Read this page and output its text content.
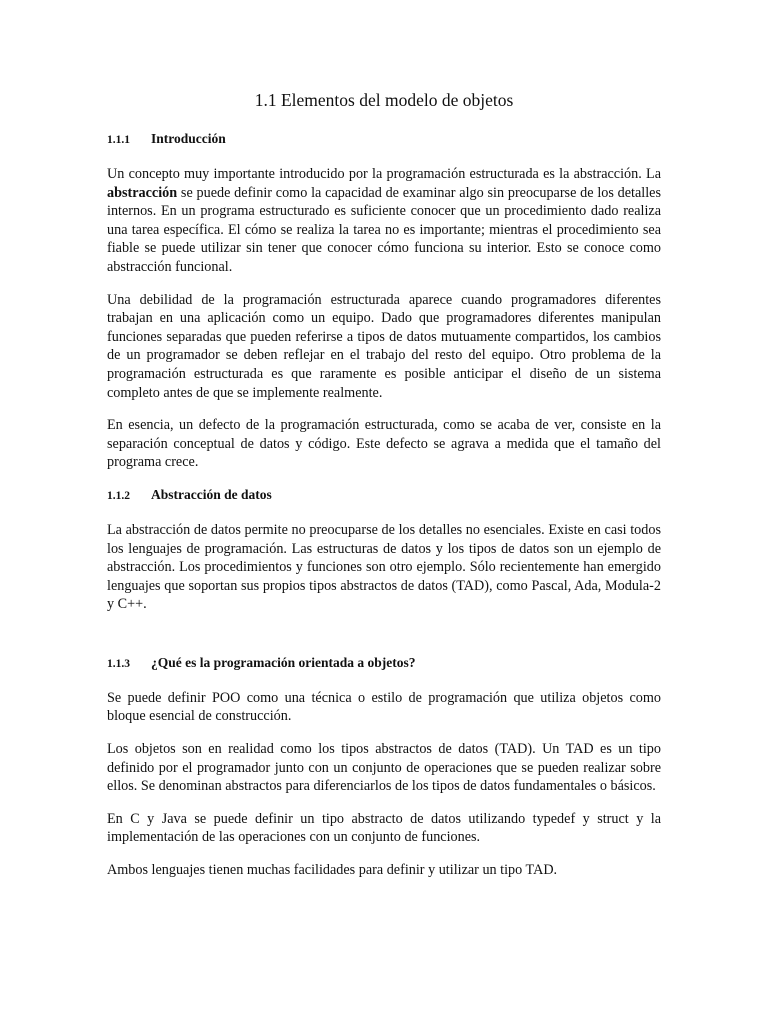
1.1 Elementos del modelo de objetos
1.1.1 Introducción

Un concepto muy importante introducido por la programación estructurada es la abstracción. La abstracción se puede definir como la capacidad de examinar algo sin preocuparse de los detalles internos. En un programa estructurado es suficiente conocer que un procedimiento dado realiza una tarea específica. El cómo se realiza la tarea no es importante; mientras el procedimiento sea fiable se puede utilizar sin tener que conocer cómo funciona su interior. Esto se conoce como abstracción funcional.

Una debilidad de la programación estructurada aparece cuando programadores diferentes trabajan en una aplicación como un equipo. Dado que programadores diferentes manipulan funciones separadas que pueden referirse a tipos de datos mutuamente compartidos, los cambios de un programador se deben reflejar en el trabajo del resto del equipo. Otro problema de la programación estructurada es que raramente es posible anticipar el diseño de un sistema completo antes de que se implemente realmente.

En esencia, un defecto de la programación estructurada, como se acaba de ver, consiste en la separación conceptual de datos y código. Este defecto se agrava a medida que el tamaño del programa crece.

1.1.2 Abstracción de datos

La abstracción de datos permite no preocuparse de los detalles no esenciales. Existe en casi todos los lenguajes de programación. Las estructuras de datos y los tipos de datos son un ejemplo de abstracción. Los procedimientos y funciones son otro ejemplo. Sólo recientemente han emergido lenguajes que soportan sus propios tipos abstractos de datos (TAD), como Pascal, Ada, Modula-2 y C++.

1.1.3 ¿Qué es la programación orientada a objetos?

Se puede definir POO como una técnica o estilo de programación que utiliza objetos como bloque esencial de construcción.

Los objetos son en realidad como los tipos abstractos de datos (TAD). Un TAD es un tipo definido por el programador junto con un conjunto de operaciones que se pueden realizar sobre ellos. Se denominan abstractos para diferenciarlos de los tipos de datos fundamentales o básicos.

En C y Java se puede definir un tipo abstracto de datos utilizando typedef y struct y la implementación de las operaciones con un conjunto de funciones.

Ambos lenguajes tienen muchas facilidades para definir y utilizar un tipo TAD.
